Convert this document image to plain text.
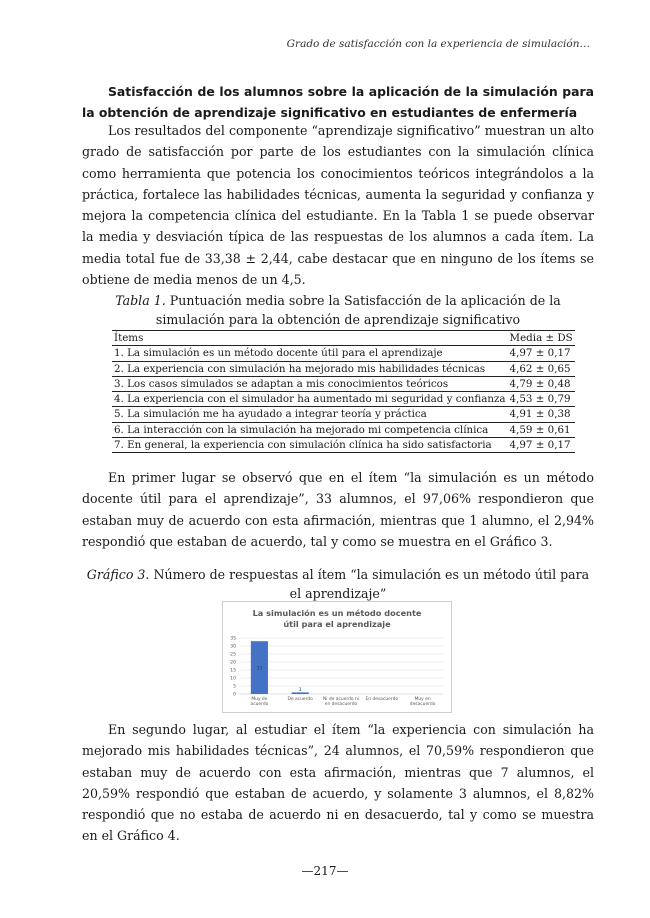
Grado de satisfacción con la experiencia de simulación…
Satisfacción de los alumnos sobre la aplicación de la simulación para la obtención de aprendizaje significativo en estudiantes de enfermería

Los resultados del componente “aprendizaje significativo” muestran un alto grado de satisfacción por parte de los estudiantes con la simulación clínica como herramienta que potencia los conocimientos teóricos integrándolos a la práctica, fortalece las habilidades técnicas, aumenta la seguridad y confianza y mejora la competencia clínica del estudiante. En la Tabla 1 se puede observar la media y desviación típica de las respuestas de los alumnos a cada ítem. La media total fue de 33,38 ± 2,44, cabe destacar que en ninguno de los ítems se obtiene de media menos de un 4,5.

Tabla 1. Puntuación media sobre la Satisfacción de la aplicación de la simulación para la obtención de aprendizaje significativo
Ítems	Media ± DS
1. La simulación es un método docente útil para el aprendizaje	4,97 ± 0,17
2. La experiencia con simulación ha mejorado mis habilidades técnicas	4,62 ± 0,65
3. Los casos simulados se adaptan a mis conocimientos teóricos	4,79 ± 0,48
4. La experiencia con el simulador ha aumentado mi seguridad y confianza	4,53 ± 0,79
5. La simulación me ha ayudado a integrar teoría y práctica	4,91 ± 0,38
6. La interacción con la simulación ha mejorado mi competencia clínica	4,59 ± 0,61
7. En general, la experiencia con simulación clínica ha sido satisfactoria	4,97 ± 0,17

En primer lugar se observó que en el ítem “la simulación es un método docente útil para el aprendizaje”, 33 alumnos, el 97,06% respondieron que estaban muy de acuerdo con esta afirmación, mientras que 1 alumno, el 2,94% respondió que estaban de acuerdo, tal y como se muestra en el Gráfico 3.

Gráfico 3. Número de respuestas al ítem “la simulación es un método útil para el aprendizaje”
La simulación es un método docente
útil para el aprendizaje
0
5
10
15
20
25
30
35
33
Muy de acuerdo
1
De acuerdo Ni de acuerdo ni en desacuerdo
En desacuerdo	Muy en desacuerdo

En segundo lugar, al estudiar el ítem “la experiencia con simulación ha mejorado mis habilidades técnicas”, 24 alumnos, el 70,59% respondieron que estaban muy de acuerdo con esta afirmación, mientras que 7 alumnos, el 20,59% respondió que estaban de acuerdo, y solamente 3 alumnos, el 8,82% respondió que no estaba de acuerdo ni en desacuerdo, tal y como se muestra en el Gráfico 4.

—217—
